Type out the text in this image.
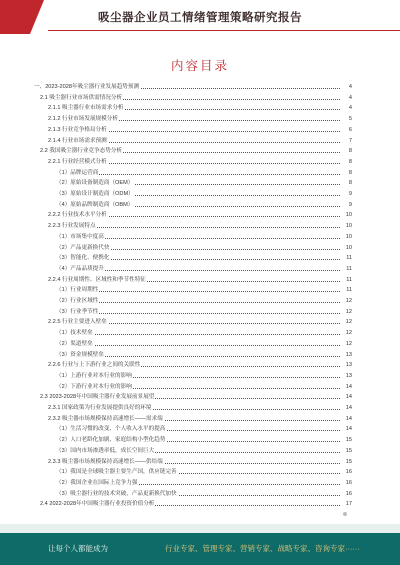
吸尘器企业员工情绪管理策略研究报告
内容目录
一、2023-2028年吸尘器行业发展趋势预测	4
2.1 吸尘器行业市场供需情况分析	4
2.1.1 吸尘器行业市场需求分析	4
2.1.2 行业市场发展规模分析	5
2.1.3 行业竞争格局分析	6
2.1.4 行业市场需求预测	7
2.2 我国吸尘器行业竞争态势分析	8
2.2.1 行业经营模式分析	8
（1）品牌运营商	8
（2）原始设备制造商（OEM）	8
（3）原始设计制造商（ODM）	9
（4）原始品牌制造商（OBM）	9
2.2.2 行业技术水平分析	10
2.2.3 行业发展特点	10
（1）市场集中度高	10
（2）产品更新换代快	10
（3）智能化、便携化	11
（4）产品品质提升	11
2.2.4 行业周期性、区域性和季节性特征	11
（1）行业周期性	11
（2）行业区域性	12
（3）行业季节性	12
2.2.5 行业主要进入壁垒	12
（1）技术壁垒	12
（2）渠道壁垒	12
（3）资金规模壁垒	13
2.2.6 行业与上下游行业之间的关联性	13
（1）上游行业对本行业的影响	13
（2）下游行业对本行业的影响	14
2.3 2023-2028年中国吸尘器行业发展前景展望	14
2.3.1 国家政策为行业发展提供良好的环境	14
2.3.2 吸尘器市场规模保持高速增长——需求端	14
（1）生活习惯的改变、个人收入水平的提高	14
（2）人口老龄化加剧、家庭结构小型化趋势	15
（3）国内市场渗透率低，成长空间巨大	15
2.3.3 吸尘器市场规模保持高速增长——供给端	15
（1）我国是全球吸尘器主要生产国，供应链完善	16
（2）我国企业在国际上竞争力强	16
（3）吸尘器行业的技术突破，产品更新换代加快	16
2.4 2022-2028年中国吸尘器行业投资价值分析	17
让每个人都能成为	行业专家、管理专家、营销专家、战略专家、咨询专家······
